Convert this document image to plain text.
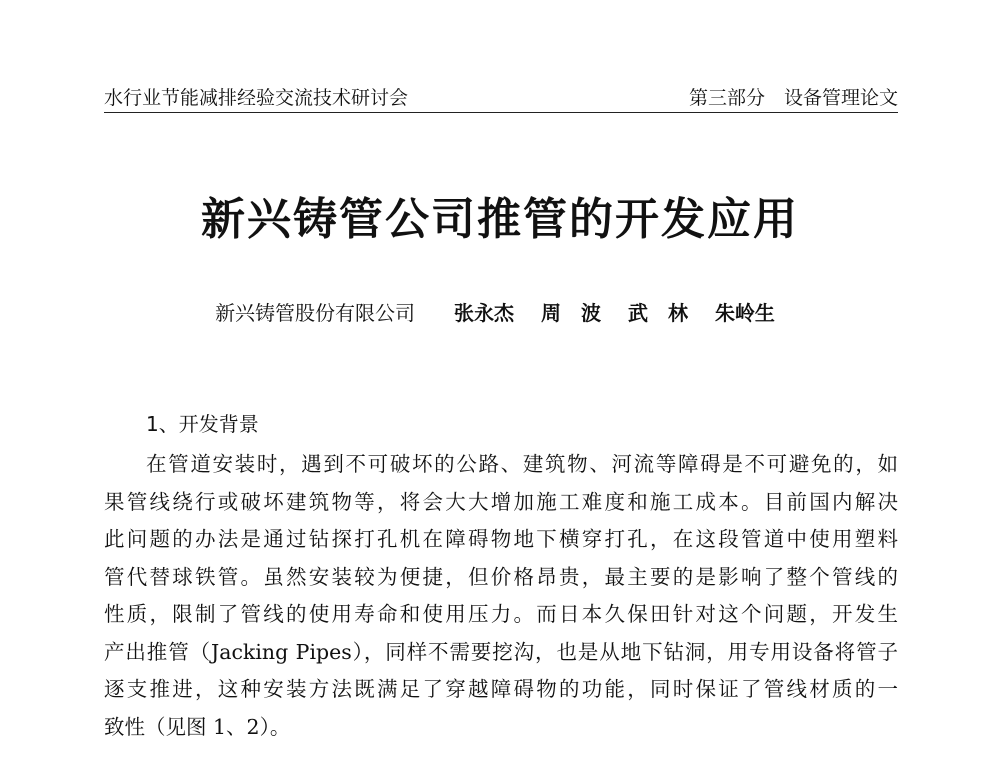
水行业节能减排经验交流技术研讨会	第三部分　设备管理论文
新兴铸管公司推管的开发应用
新兴铸管股份有限公司 张永杰 周　波 武　林 朱岭生
1、开发背景
在管道安装时，遇到不可破坏的公路、建筑物、河流等障碍是不可避免的，如
果管线绕行或破坏建筑物等，将会大大增加施工难度和施工成本。目前国内解决
此问题的办法是通过钻探打孔机在障碍物地下横穿打孔，在这段管道中使用塑料
管代替球铁管。虽然安装较为便捷，但价格昂贵，最主要的是影响了整个管线的
性质，限制了管线的使用寿命和使用压力。而日本久保田针对这个问题，开发生
产出推管（Jacking Pipes），同样不需要挖沟，也是从地下钻洞，用专用设备将管子
逐支推进，这种安装方法既满足了穿越障碍物的功能，同时保证了管线材质的一
致性（见图 1、2）。
